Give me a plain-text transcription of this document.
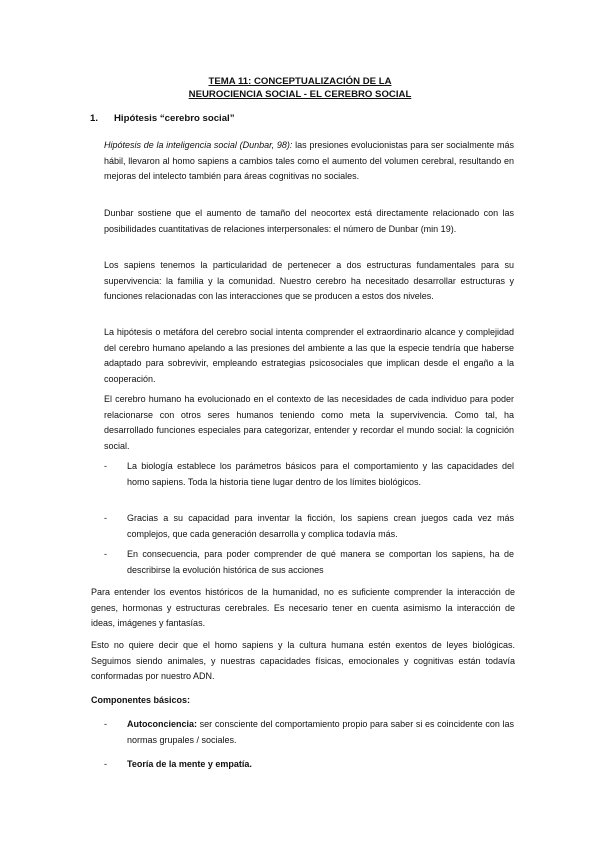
TEMA 11: CONCEPTUALIZACIÓN DE LA
NEUROCIENCIA SOCIAL - EL CEREBRO SOCIAL
1. Hipótesis “cerebro social”

Hipótesis de la inteligencia social (Dunbar, 98): las presiones evolucionistas para ser socialmente más hábil, llevaron al homo sapiens a cambios tales como el aumento del volumen cerebral, resultando en mejoras del intelecto también para áreas cognitivas no sociales.

Dunbar sostiene que el aumento de tamaño del neocortex está directamente relacionado con las posibilidades cuantitativas de relaciones interpersonales: el número de Dunbar (min 19).

Los sapiens tenemos la particularidad de pertenecer a dos estructuras fundamentales para su supervivencia: la familia y la comunidad. Nuestro cerebro ha necesitado desarrollar estructuras y funciones relacionadas con las interacciones que se producen a estos dos niveles.

La hipótesis o metáfora del cerebro social intenta comprender el extraordinario alcance y complejidad del cerebro humano apelando a las presiones del ambiente a las que la especie tendría que haberse adaptado para sobrevivir, empleando estrategias psicosociales que implican desde el engaño a la cooperación.

El cerebro humano ha evolucionado en el contexto de las necesidades de cada individuo para poder relacionarse con otros seres humanos teniendo como meta la supervivencia. Como tal, ha desarrollado funciones especiales para categorizar, entender y recordar el mundo social: la cognición social.

- La biología establece los parámetros básicos para el comportamiento y las capacidades del homo sapiens. Toda la historia tiene lugar dentro de los límites biológicos.
- Gracias a su capacidad para inventar la ficción, los sapiens crean juegos cada vez más complejos, que cada generación desarrolla y complica todavía más.
- En consecuencia, para poder comprender de qué manera se comportan los sapiens, ha de describirse la evolución histórica de sus acciones

Para entender los eventos históricos de la humanidad, no es suficiente comprender la interacción de genes, hormonas y estructuras cerebrales. Es necesario tener en cuenta asimismo la interacción de ideas, imágenes y fantasías.

Esto no quiere decir que el homo sapiens y la cultura humana estén exentos de leyes biológicas. Seguimos siendo animales, y nuestras capacidades físicas, emocionales y cognitivas están todavía conformadas por nuestro ADN.

Componentes básicos:
- Autoconciencia: ser consciente del comportamiento propio para saber si es coincidente con las normas grupales / sociales.
- Teoría de la mente y empatía.
